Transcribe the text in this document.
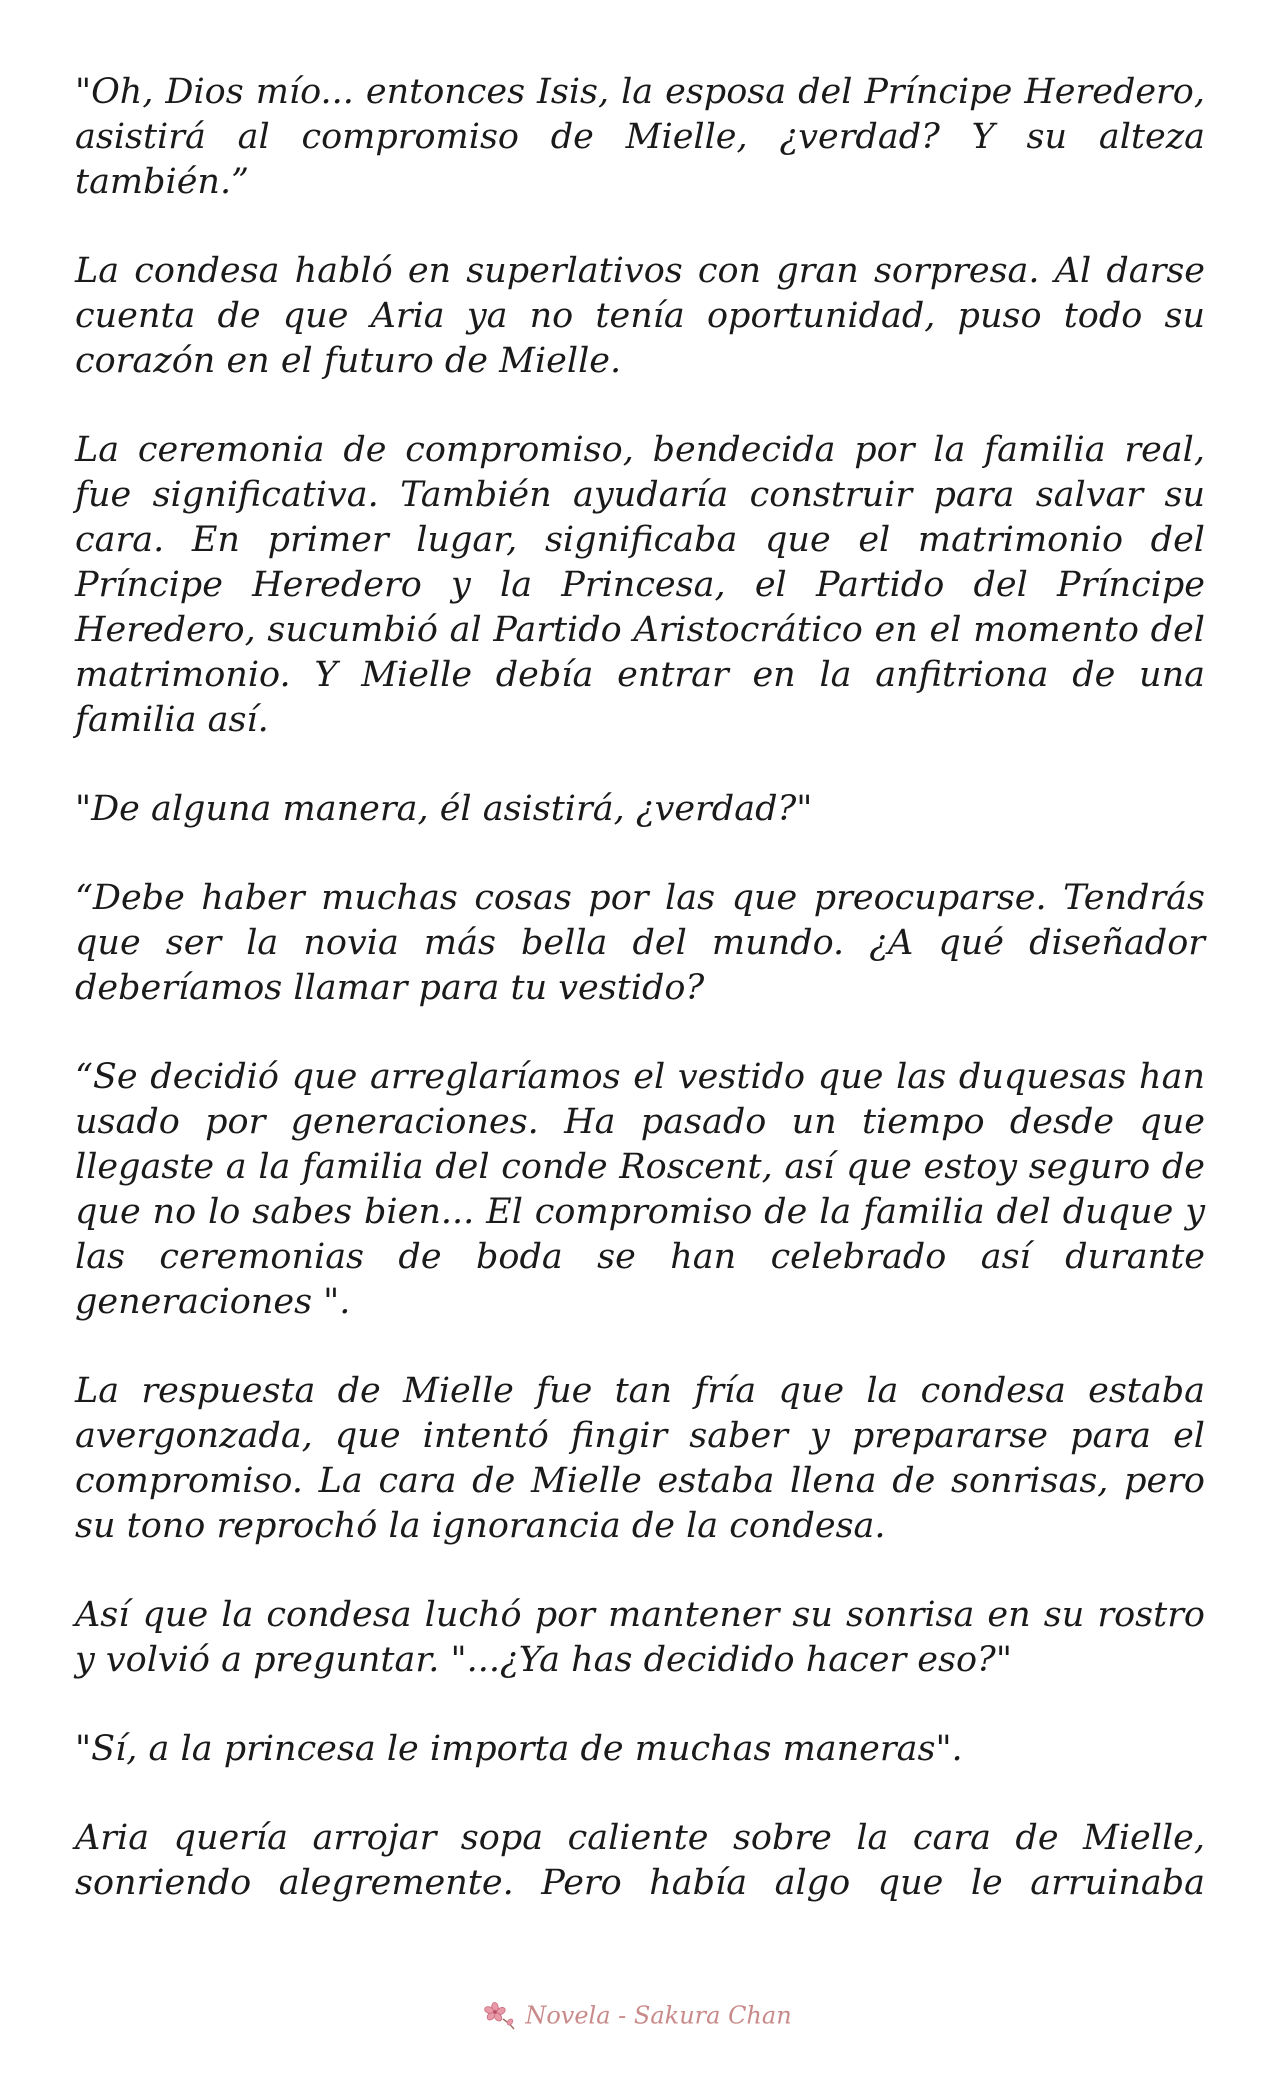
"Oh, Dios mío... entonces Isis, la esposa del Príncipe Heredero, asistirá al compromiso de Mielle, ¿verdad? Y su alteza también.”

La condesa habló en superlativos con gran sorpresa. Al darse cuenta de que Aria ya no tenía oportunidad, puso todo su corazón en el futuro de Mielle.

La ceremonia de compromiso, bendecida por la familia real, fue significativa. También ayudaría construir para salvar su cara. En primer lugar, significaba que el matrimonio del Príncipe Heredero y la Princesa, el Partido del Príncipe Heredero, sucumbió al Partido Aristocrático en el momento del matrimonio. Y Mielle debía entrar en la anfitriona de una familia así.

"De alguna manera, él asistirá, ¿verdad?"

“Debe haber muchas cosas por las que preocuparse. Tendrás que ser la novia más bella del mundo. ¿A qué diseñador deberíamos llamar para tu vestido?

“Se decidió que arreglaríamos el vestido que las duquesas han usado por generaciones. Ha pasado un tiempo desde que llegaste a la familia del conde Roscent, así que estoy seguro de que no lo sabes bien... El compromiso de la familia del duque y las ceremonias de boda se han celebrado así durante generaciones ".

La respuesta de Mielle fue tan fría que la condesa estaba avergonzada, que intentó fingir saber y prepararse para el compromiso. La cara de Mielle estaba llena de sonrisas, pero su tono reprochó la ignorancia de la condesa.

Así que la condesa luchó por mantener su sonrisa en su rostro y volvió a preguntar. "...¿Ya has decidido hacer eso?"

"Sí, a la princesa le importa de muchas maneras".

Aria quería arrojar sopa caliente sobre la cara de Mielle, sonriendo alegremente. Pero había algo que le arruinaba

Novela - Sakura Chan
